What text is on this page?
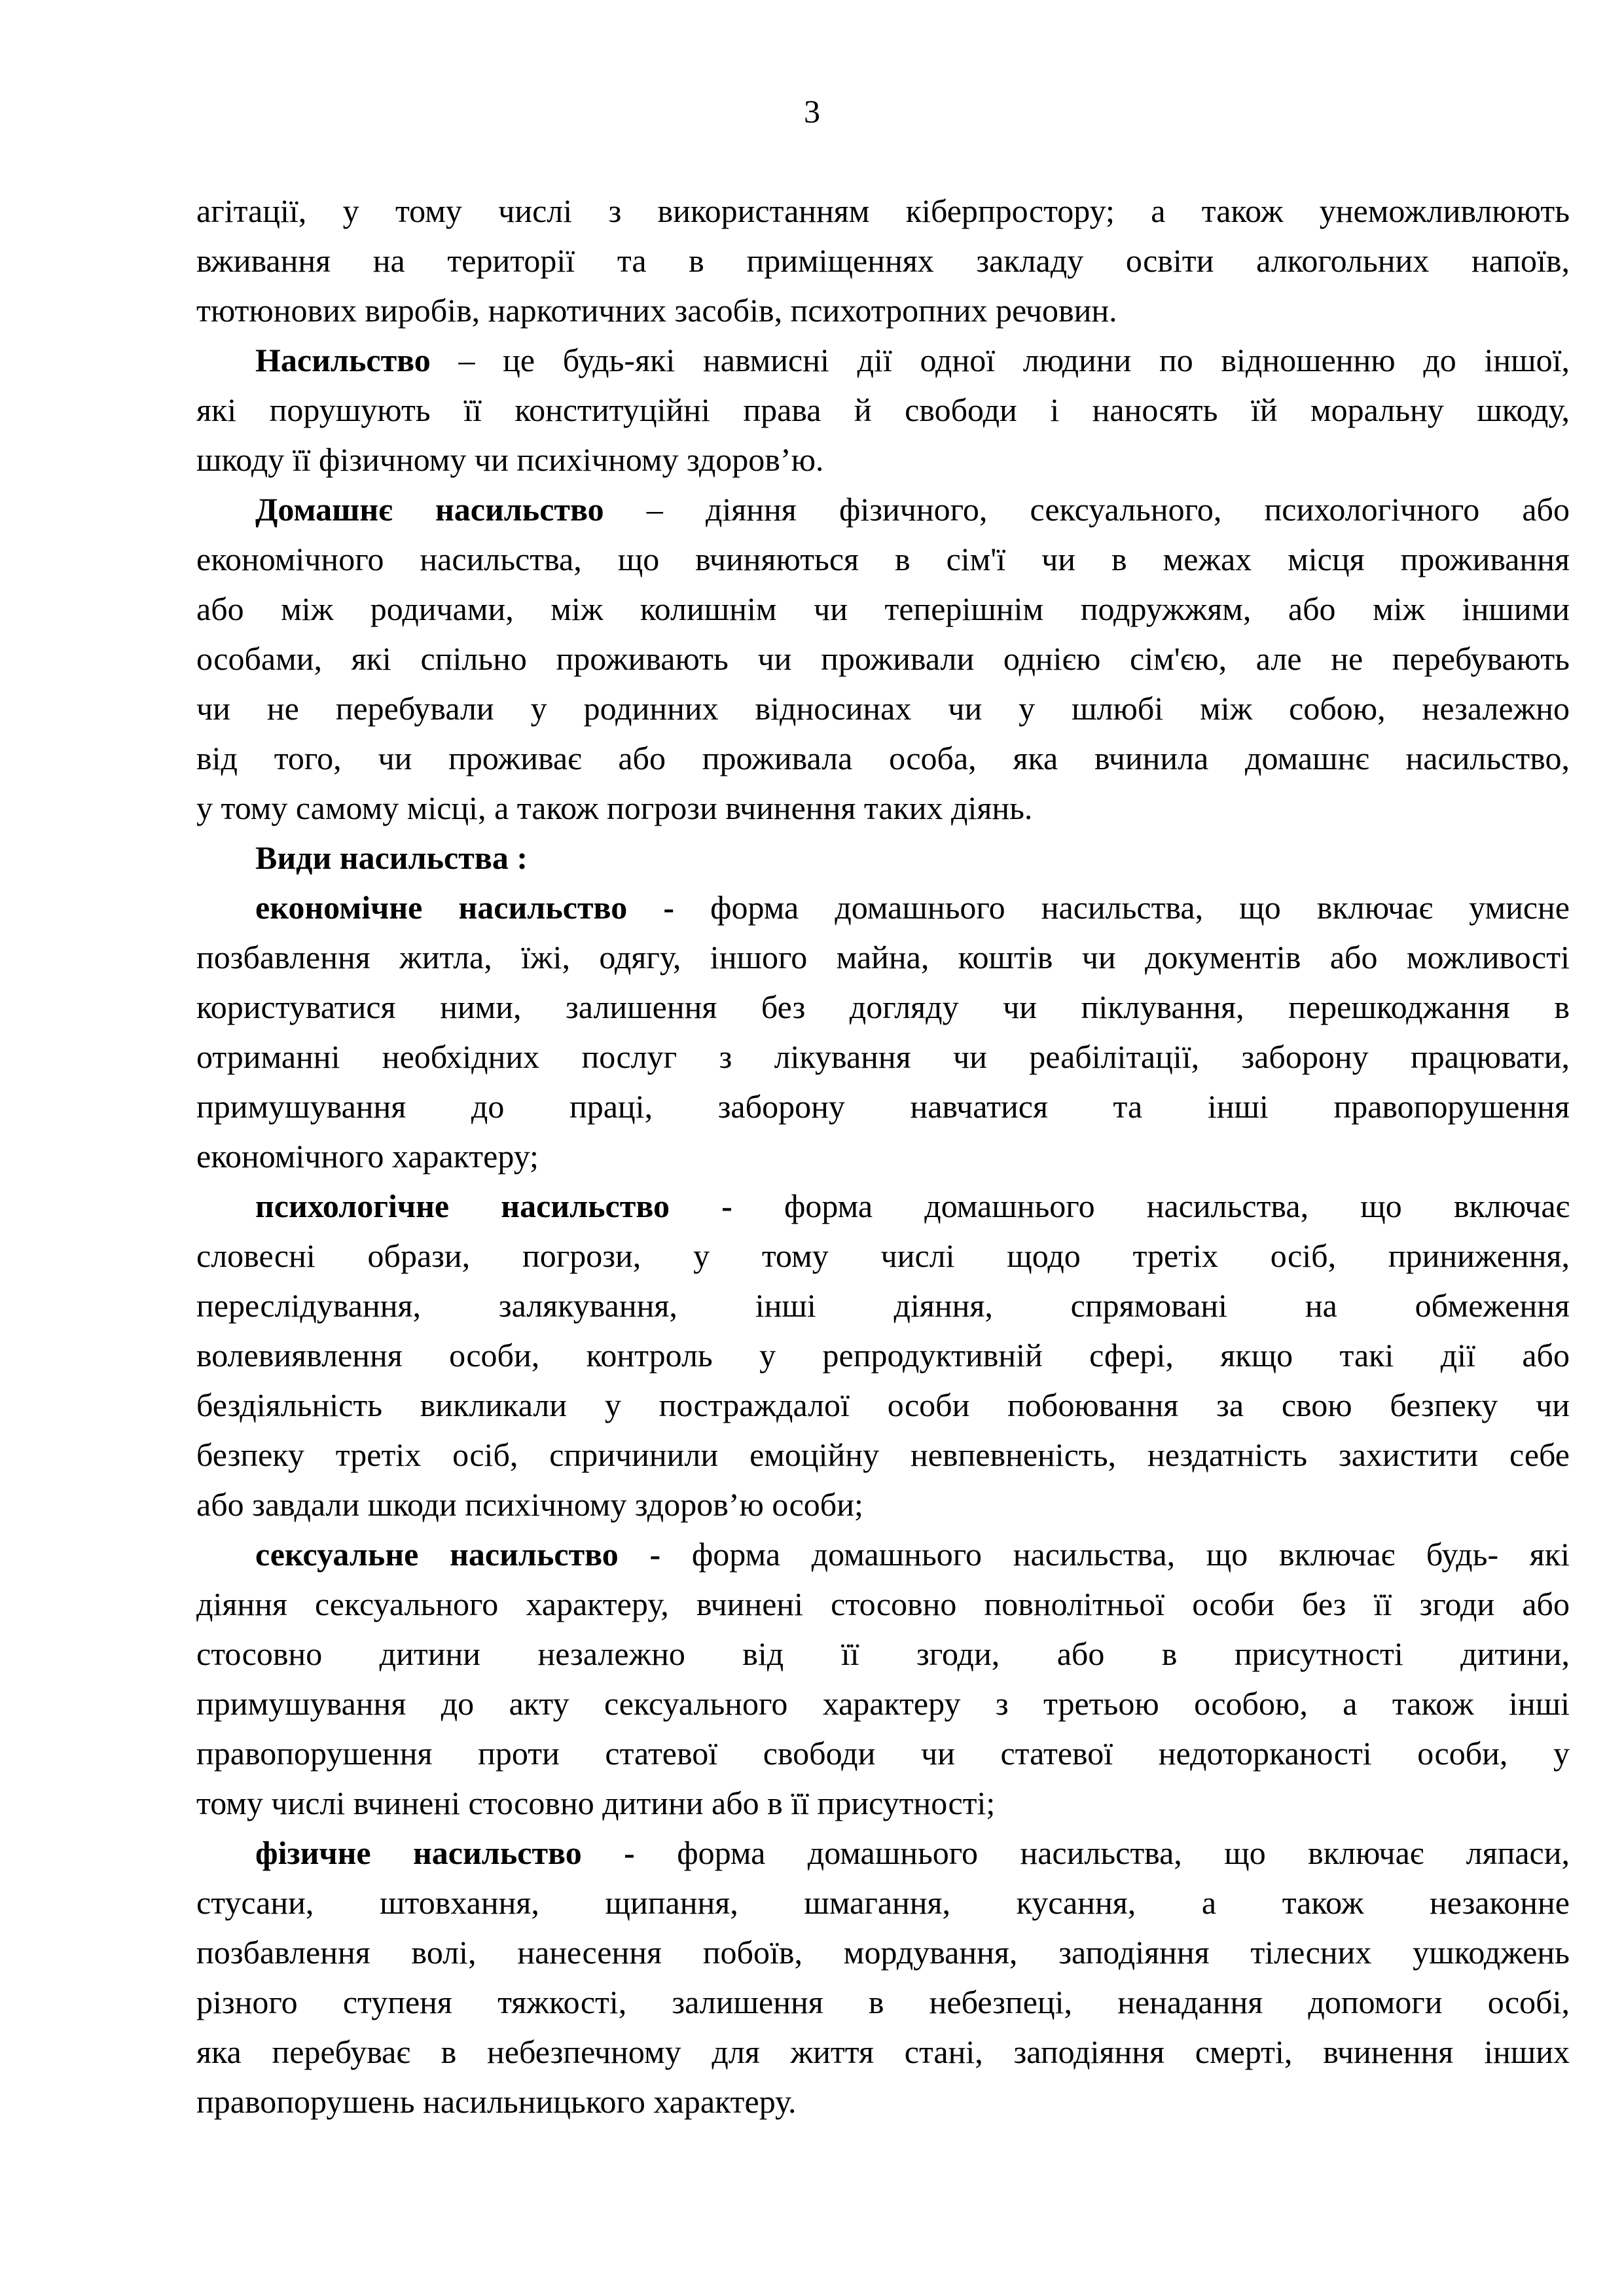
3
агітації, у тому числі з використанням кіберпростору; а також унеможливлюють
вживання на території та в приміщеннях закладу освіти алкогольних напоїв,
тютюнових виробів, наркотичних засобів, психотропних речовин.
Насильство – це будь-які навмисні дії одної людини по відношенню до іншої,
які порушують її конституційні права й свободи і наносять їй моральну шкоду,
шкоду її фізичному чи психічному здоров’ю.
Домашнє насильство – діяння фізичного, сексуального, психологічного або
економічного насильства, що вчиняються в сім'ї чи в межах місця проживання
або між родичами, між колишнім чи теперішнім подружжям, або між іншими
особами, які спільно проживають чи проживали однією сім'єю, але не перебувають
чи не перебували у родинних відносинах чи у шлюбі між собою, незалежно
від того, чи проживає або проживала особа, яка вчинила домашнє насильство,
у тому самому місці, а також погрози вчинення таких діянь.
Види насильства :
економічне насильство - форма домашнього насильства, що включає умисне
позбавлення житла, їжі, одягу, іншого майна, коштів чи документів або можливості
користуватися ними, залишення без догляду чи піклування, перешкоджання в
отриманні необхідних послуг з лікування чи реабілітації, заборону працювати,
примушування до праці, заборону навчатися та інші правопорушення
економічного характеру;
психологічне насильство - форма домашнього насильства, що включає
словесні образи, погрози, у тому числі щодо третіх осіб, приниження,
переслідування, залякування, інші діяння, спрямовані на обмеження
волевиявлення особи, контроль у репродуктивній сфері, якщо такі дії або
бездіяльність викликали у постраждалої особи побоювання за свою безпеку чи
безпеку третіх осіб, спричинили емоційну невпевненість, нездатність захистити себе
або завдали шкоди психічному здоров’ю особи;
сексуальне насильство - форма домашнього насильства, що включає будь- які
діяння сексуального характеру, вчинені стосовно повнолітньої особи без її згоди або
стосовно дитини незалежно від її згоди, або в присутності дитини,
примушування до акту сексуального характеру з третьою особою, а також інші
правопорушення проти статевої свободи чи статевої недоторканості особи, у
тому числі вчинені стосовно дитини або в її присутності;
фізичне насильство - форма домашнього насильства, що включає ляпаси,
стусани, штовхання, щипання, шмагання, кусання, а також незаконне
позбавлення волі, нанесення побоїв, мордування, заподіяння тілесних ушкоджень
різного ступеня тяжкості, залишення в небезпеці, ненадання допомоги особі,
яка перебуває в небезпечному для життя стані, заподіяння смерті, вчинення інших
правопорушень насильницького характеру.
